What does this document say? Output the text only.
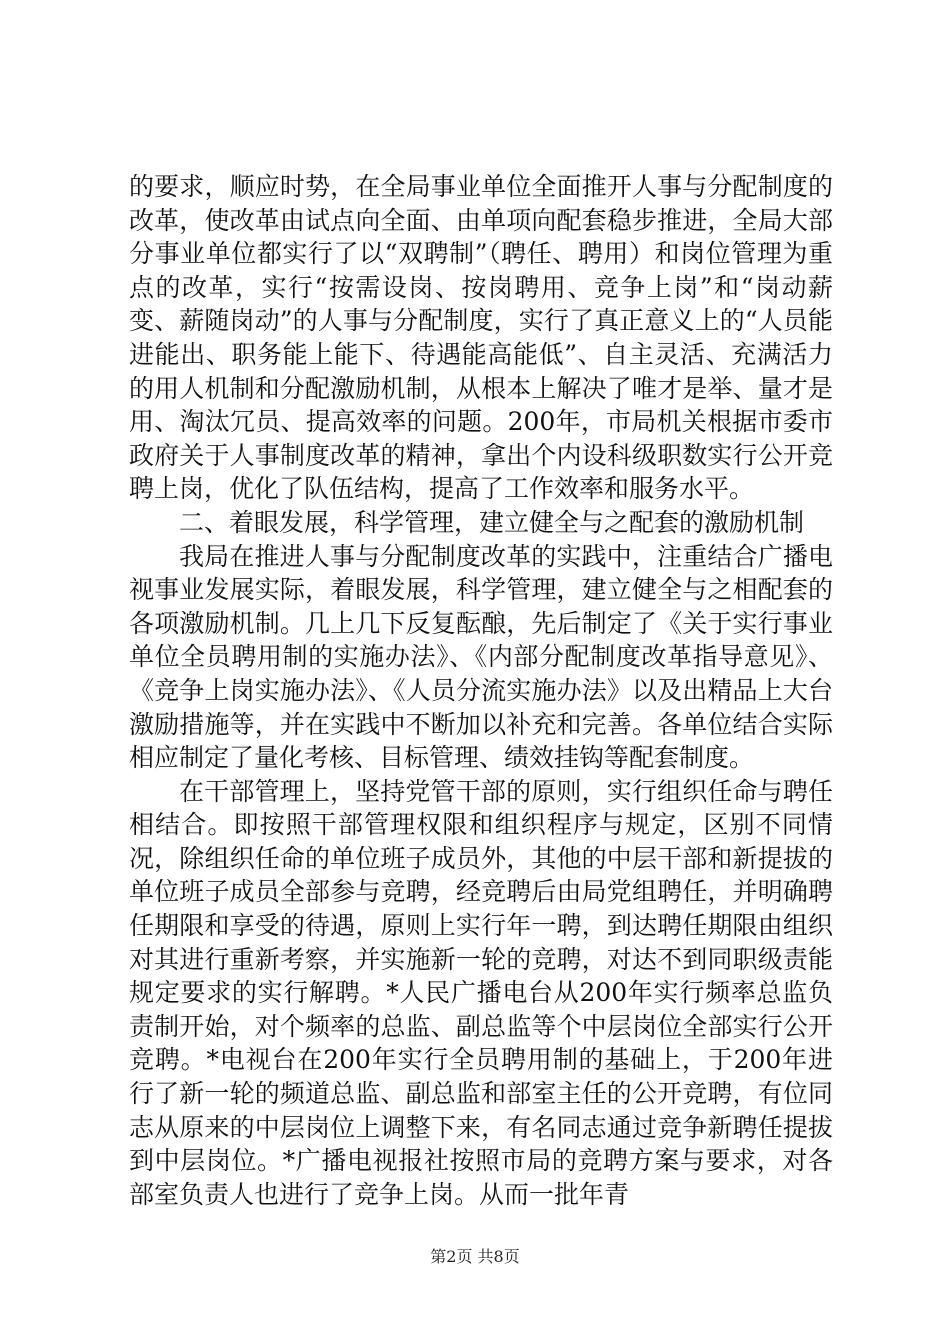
的要求，顺应时势，在全局事业单位全面推开人事与分配制度的改革，使改革由试点向全面、由单项向配套稳步推进，全局大部分事业单位都实行了以“双聘制”（聘任、聘用）和岗位管理为重点的改革，实行“按需设岗、按岗聘用、竞争上岗”和“岗动薪变、薪随岗动”的人事与分配制度，实行了真正意义上的“人员能进能出、职务能上能下、待遇能高能低”、自主灵活、充满活力的用人机制和分配激励机制，从根本上解决了唯才是举、量才是用、淘汰冗员、提高效率的问题。200年，市局机关根据市委市政府关于人事制度改革的精神，拿出个内设科级职数实行公开竞聘上岗，优化了队伍结构，提高了工作效率和服务水平。

二、着眼发展，科学管理，建立健全与之配套的激励机制

我局在推进人事与分配制度改革的实践中，注重结合广播电视事业发展实际，着眼发展，科学管理，建立健全与之相配套的各项激励机制。几上几下反复酝酿，先后制定了《关于实行事业单位全员聘用制的实施办法》、《内部分配制度改革指导意见》、《竞争上岗实施办法》、《人员分流实施办法》以及出精品上大台激励措施等，并在实践中不断加以补充和完善。各单位结合实际相应制定了量化考核、目标管理、绩效挂钩等配套制度。

在干部管理上，坚持党管干部的原则，实行组织任命与聘任相结合。即按照干部管理权限和组织程序与规定，区别不同情况，除组织任命的单位班子成员外，其他的中层干部和新提拔的单位班子成员全部参与竞聘，经竞聘后由局党组聘任，并明确聘任期限和享受的待遇，原则上实行年一聘，到达聘任期限由组织对其进行重新考察，并实施新一轮的竞聘，对达不到同职级责能规定要求的实行解聘。*人民广播电台从200年实行频率总监负责制开始，对个频率的总监、副总监等个中层岗位全部实行公开竞聘。*电视台在200年实行全员聘用制的基础上，于200年进行了新一轮的频道总监、副总监和部室主任的公开竞聘，有位同志从原来的中层岗位上调整下来，有名同志通过竞争新聘任提拔到中层岗位。*广播电视报社按照市局的竞聘方案与要求，对各部室负责人也进行了竞争上岗。从而一批年青

第2页 共8页
